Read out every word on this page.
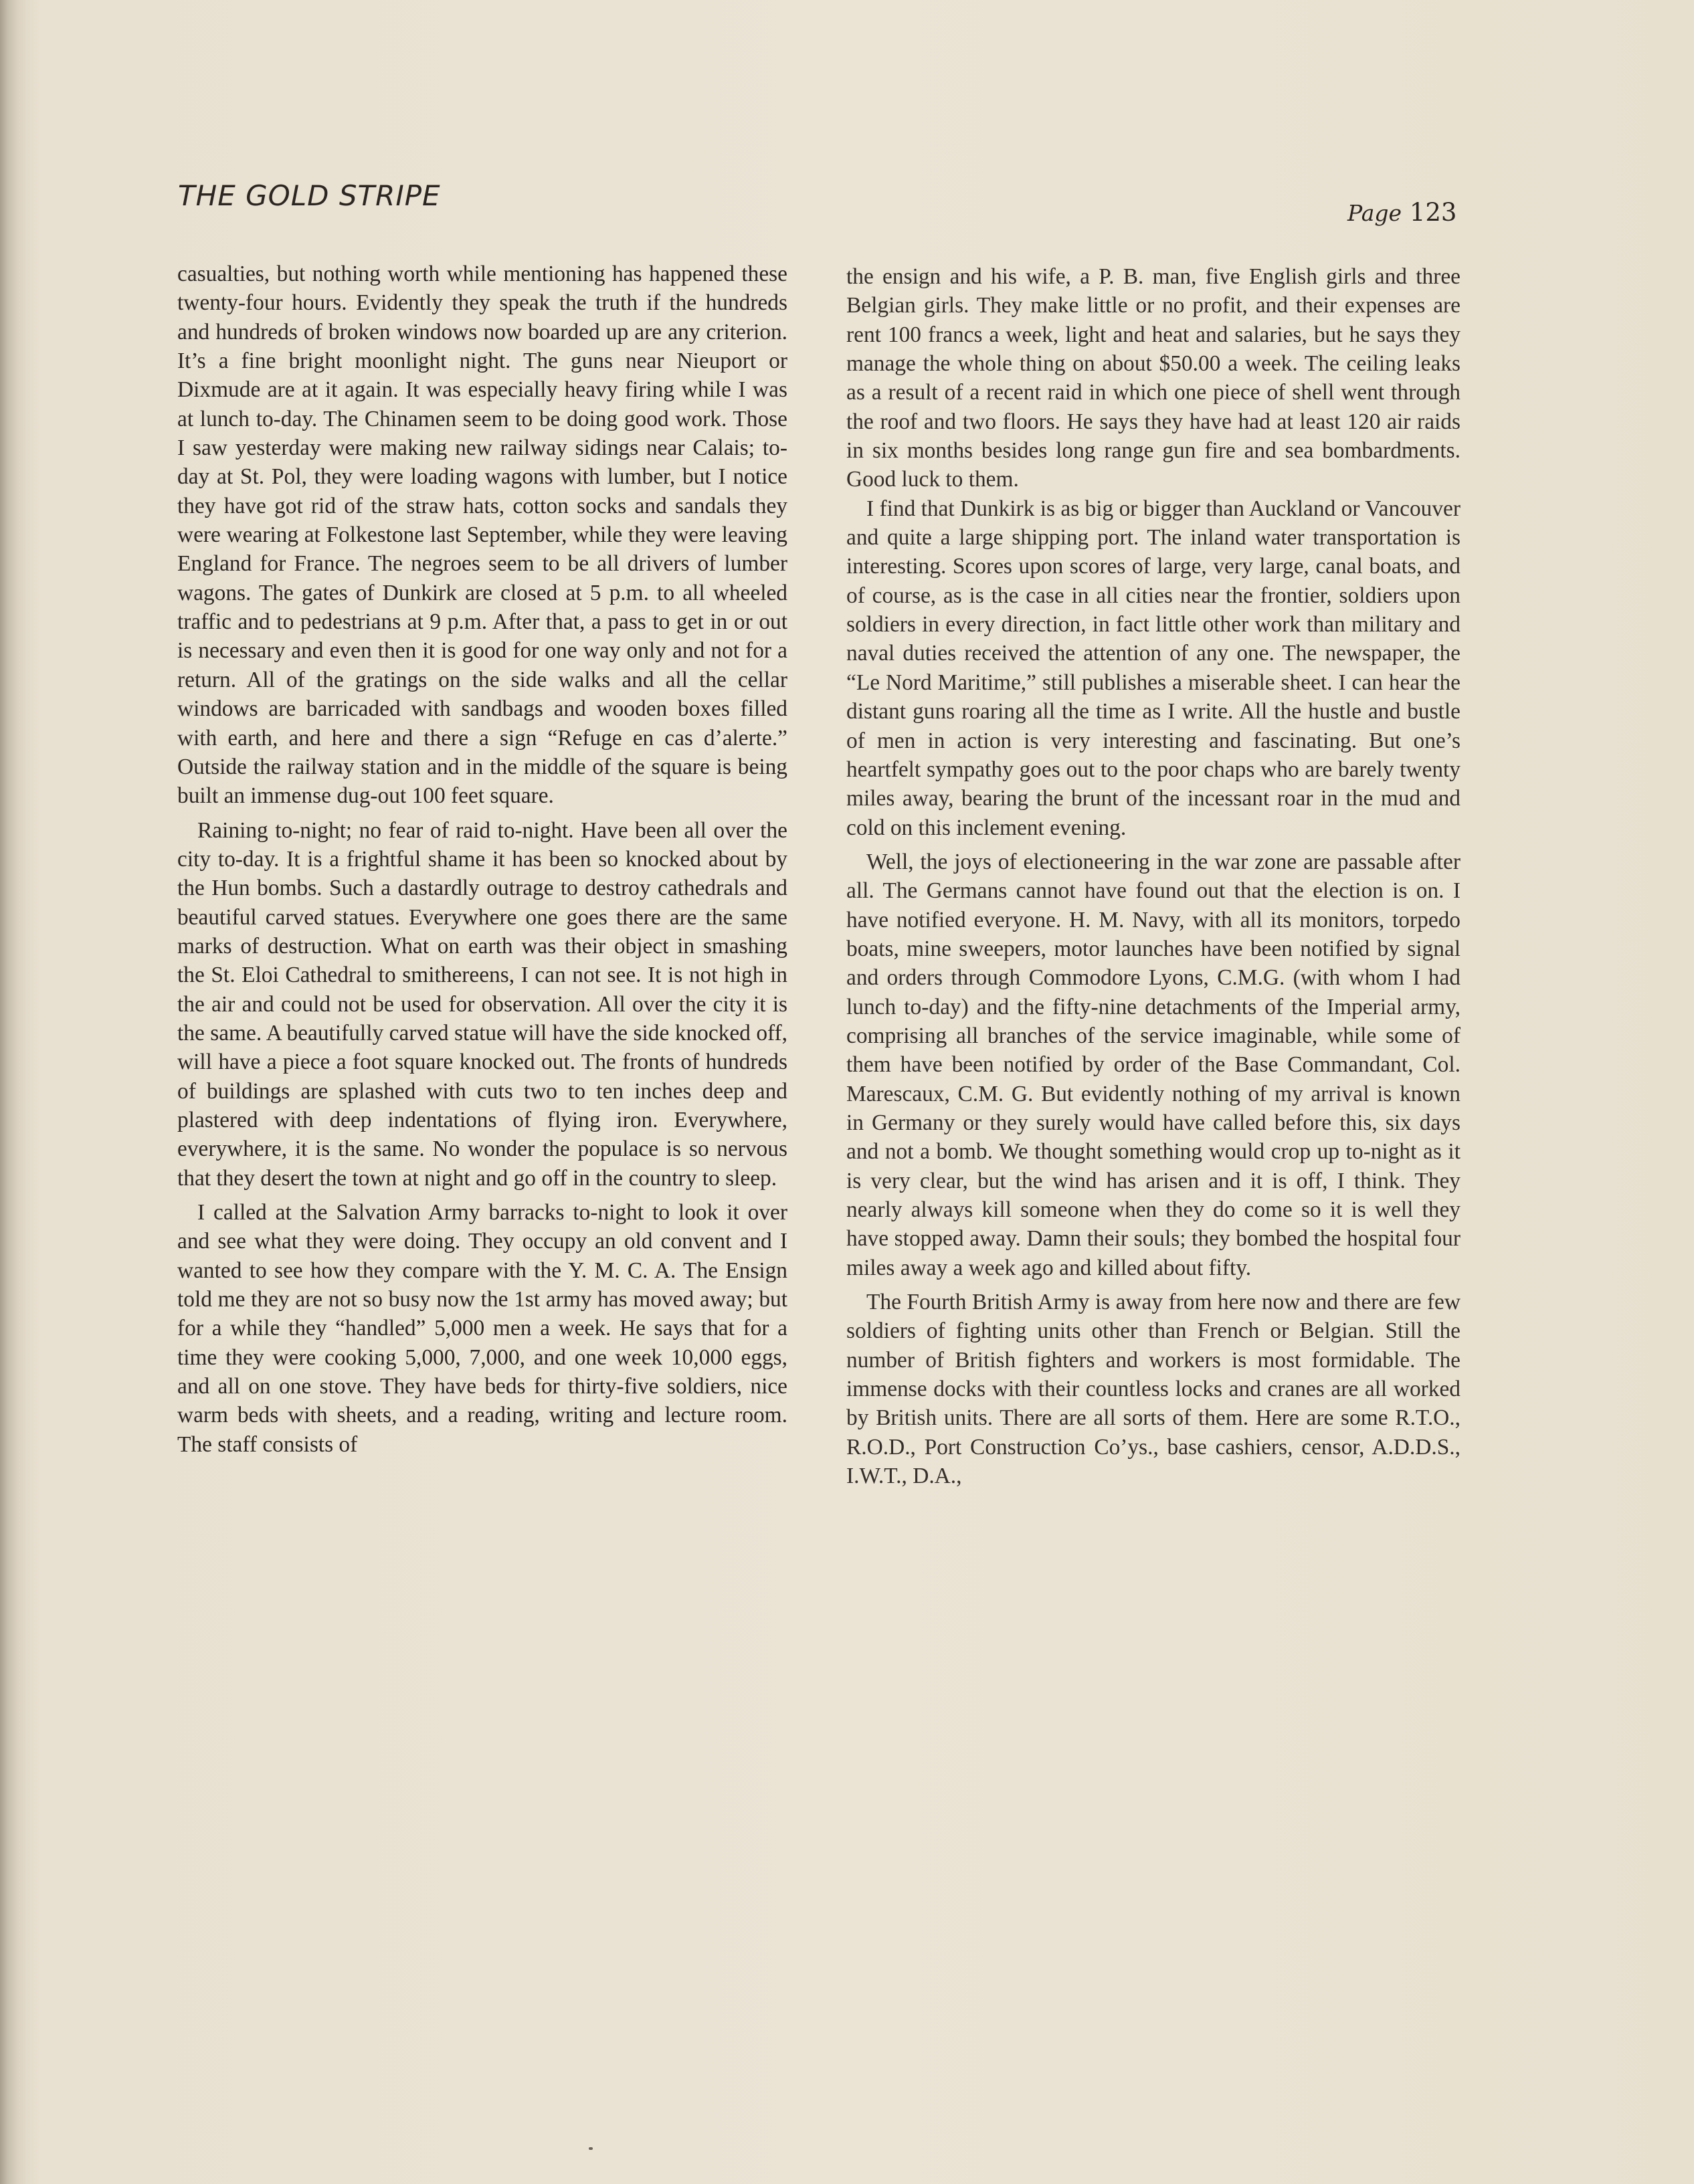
THE GOLD STRIPE
Page 123

casualties, but nothing worth while mentioning has happened these twenty-four hours. Evidently they speak the truth if the hundreds and hundreds of broken windows now boarded up are any criterion. It’s a fine bright moonlight night. The guns near Nieuport or Dixmude are at it again. It was especially heavy firing while I was at lunch to-day. The Chinamen seem to be doing good work. Those I saw yesterday were making new railway sidings near Calais; to-day at St. Pol, they were loading wagons with lumber, but I notice they have got rid of the straw hats, cotton socks and sandals they were wearing at Folkestone last September, while they were leaving England for France. The negroes seem to be all drivers of lumber wagons. The gates of Dunkirk are closed at 5 p.m. to all wheeled traffic and to pedestrians at 9 p.m. After that, a pass to get in or out is necessary and even then it is good for one way only and not for a return. All of the gratings on the side walks and all the cellar windows are barricaded with sandbags and wooden boxes filled with earth, and here and there a sign “Refuge en cas d’alerte.” Outside the railway station and in the middle of the square is being built an immense dug-out 100 feet square.

Raining to-night; no fear of raid to-night. Have been all over the city to-day. It is a frightful shame it has been so knocked about by the Hun bombs. Such a dastardly outrage to destroy cathedrals and beautiful carved statues. Everywhere one goes there are the same marks of destruction. What on earth was their object in smashing the St. Eloi Cathedral to smithereens, I can not see. It is not high in the air and could not be used for observation. All over the city it is the same. A beautifully carved statue will have the side knocked off, will have a piece a foot square knocked out. The fronts of hundreds of buildings are splashed with cuts two to ten inches deep and plastered with deep indentations of flying iron. Everywhere, everywhere, it is the same. No wonder the populace is so nervous that they desert the town at night and go off in the country to sleep.

I called at the Salvation Army barracks to-night to look it over and see what they were doing. They occupy an old convent and I wanted to see how they compare with the Y. M. C. A. The Ensign told me they are not so busy now the 1st army has moved away; but for a while they “handled” 5,000 men a week. He says that for a time they were cooking 5,000, 7,000, and one week 10,000 eggs, and all on one stove. They have beds for thirty-five soldiers, nice warm beds with sheets, and a reading, writing and lecture room. The staff consists of

the ensign and his wife, a P. B. man, five English girls and three Belgian girls. They make little or no profit, and their expenses are rent 100 francs a week, light and heat and salaries, but he says they manage the whole thing on about $50.00 a week. The ceiling leaks as a result of a recent raid in which one piece of shell went through the roof and two floors. He says they have had at least 120 air raids in six months besides long range gun fire and sea bombardments. Good luck to them.

I find that Dunkirk is as big or bigger than Auckland or Vancouver and quite a large shipping port. The inland water transportation is interesting. Scores upon scores of large, very large, canal boats, and of course, as is the case in all cities near the frontier, soldiers upon soldiers in every direction, in fact little other work than military and naval duties received the attention of any one. The newspaper, the “Le Nord Maritime,” still publishes a miserable sheet. I can hear the distant guns roaring all the time as I write. All the hustle and bustle of men in action is very interesting and fascinating. But one’s heartfelt sympathy goes out to the poor chaps who are barely twenty miles away, bearing the brunt of the incessant roar in the mud and cold on this inclement evening.

Well, the joys of electioneering in the war zone are passable after all. The Germans cannot have found out that the election is on. I have notified everyone. H. M. Navy, with all its monitors, torpedo boats, mine sweepers, motor launches have been notified by signal and orders through Commodore Lyons, C.M.G. (with whom I had lunch to-day) and the fifty-nine detachments of the Imperial army, comprising all branches of the service imaginable, while some of them have been notified by order of the Base Commandant, Col. Marescaux, C.M. G. But evidently nothing of my arrival is known in Germany or they surely would have called before this, six days and not a bomb. We thought something would crop up to-night as it is very clear, but the wind has arisen and it is off, I think. They nearly always kill someone when they do come so it is well they have stopped away. Damn their souls; they bombed the hospital four miles away a week ago and killed about fifty.

The Fourth British Army is away from here now and there are few soldiers of fighting units other than French or Belgian. Still the number of British fighters and workers is most formidable. The immense docks with their countless locks and cranes are all worked by British units. There are all sorts of them. Here are some R.T.O., R.O.D., Port Construction Co’ys., base cashiers, censor, A.D.D.S., I.W.T., D.A.,
